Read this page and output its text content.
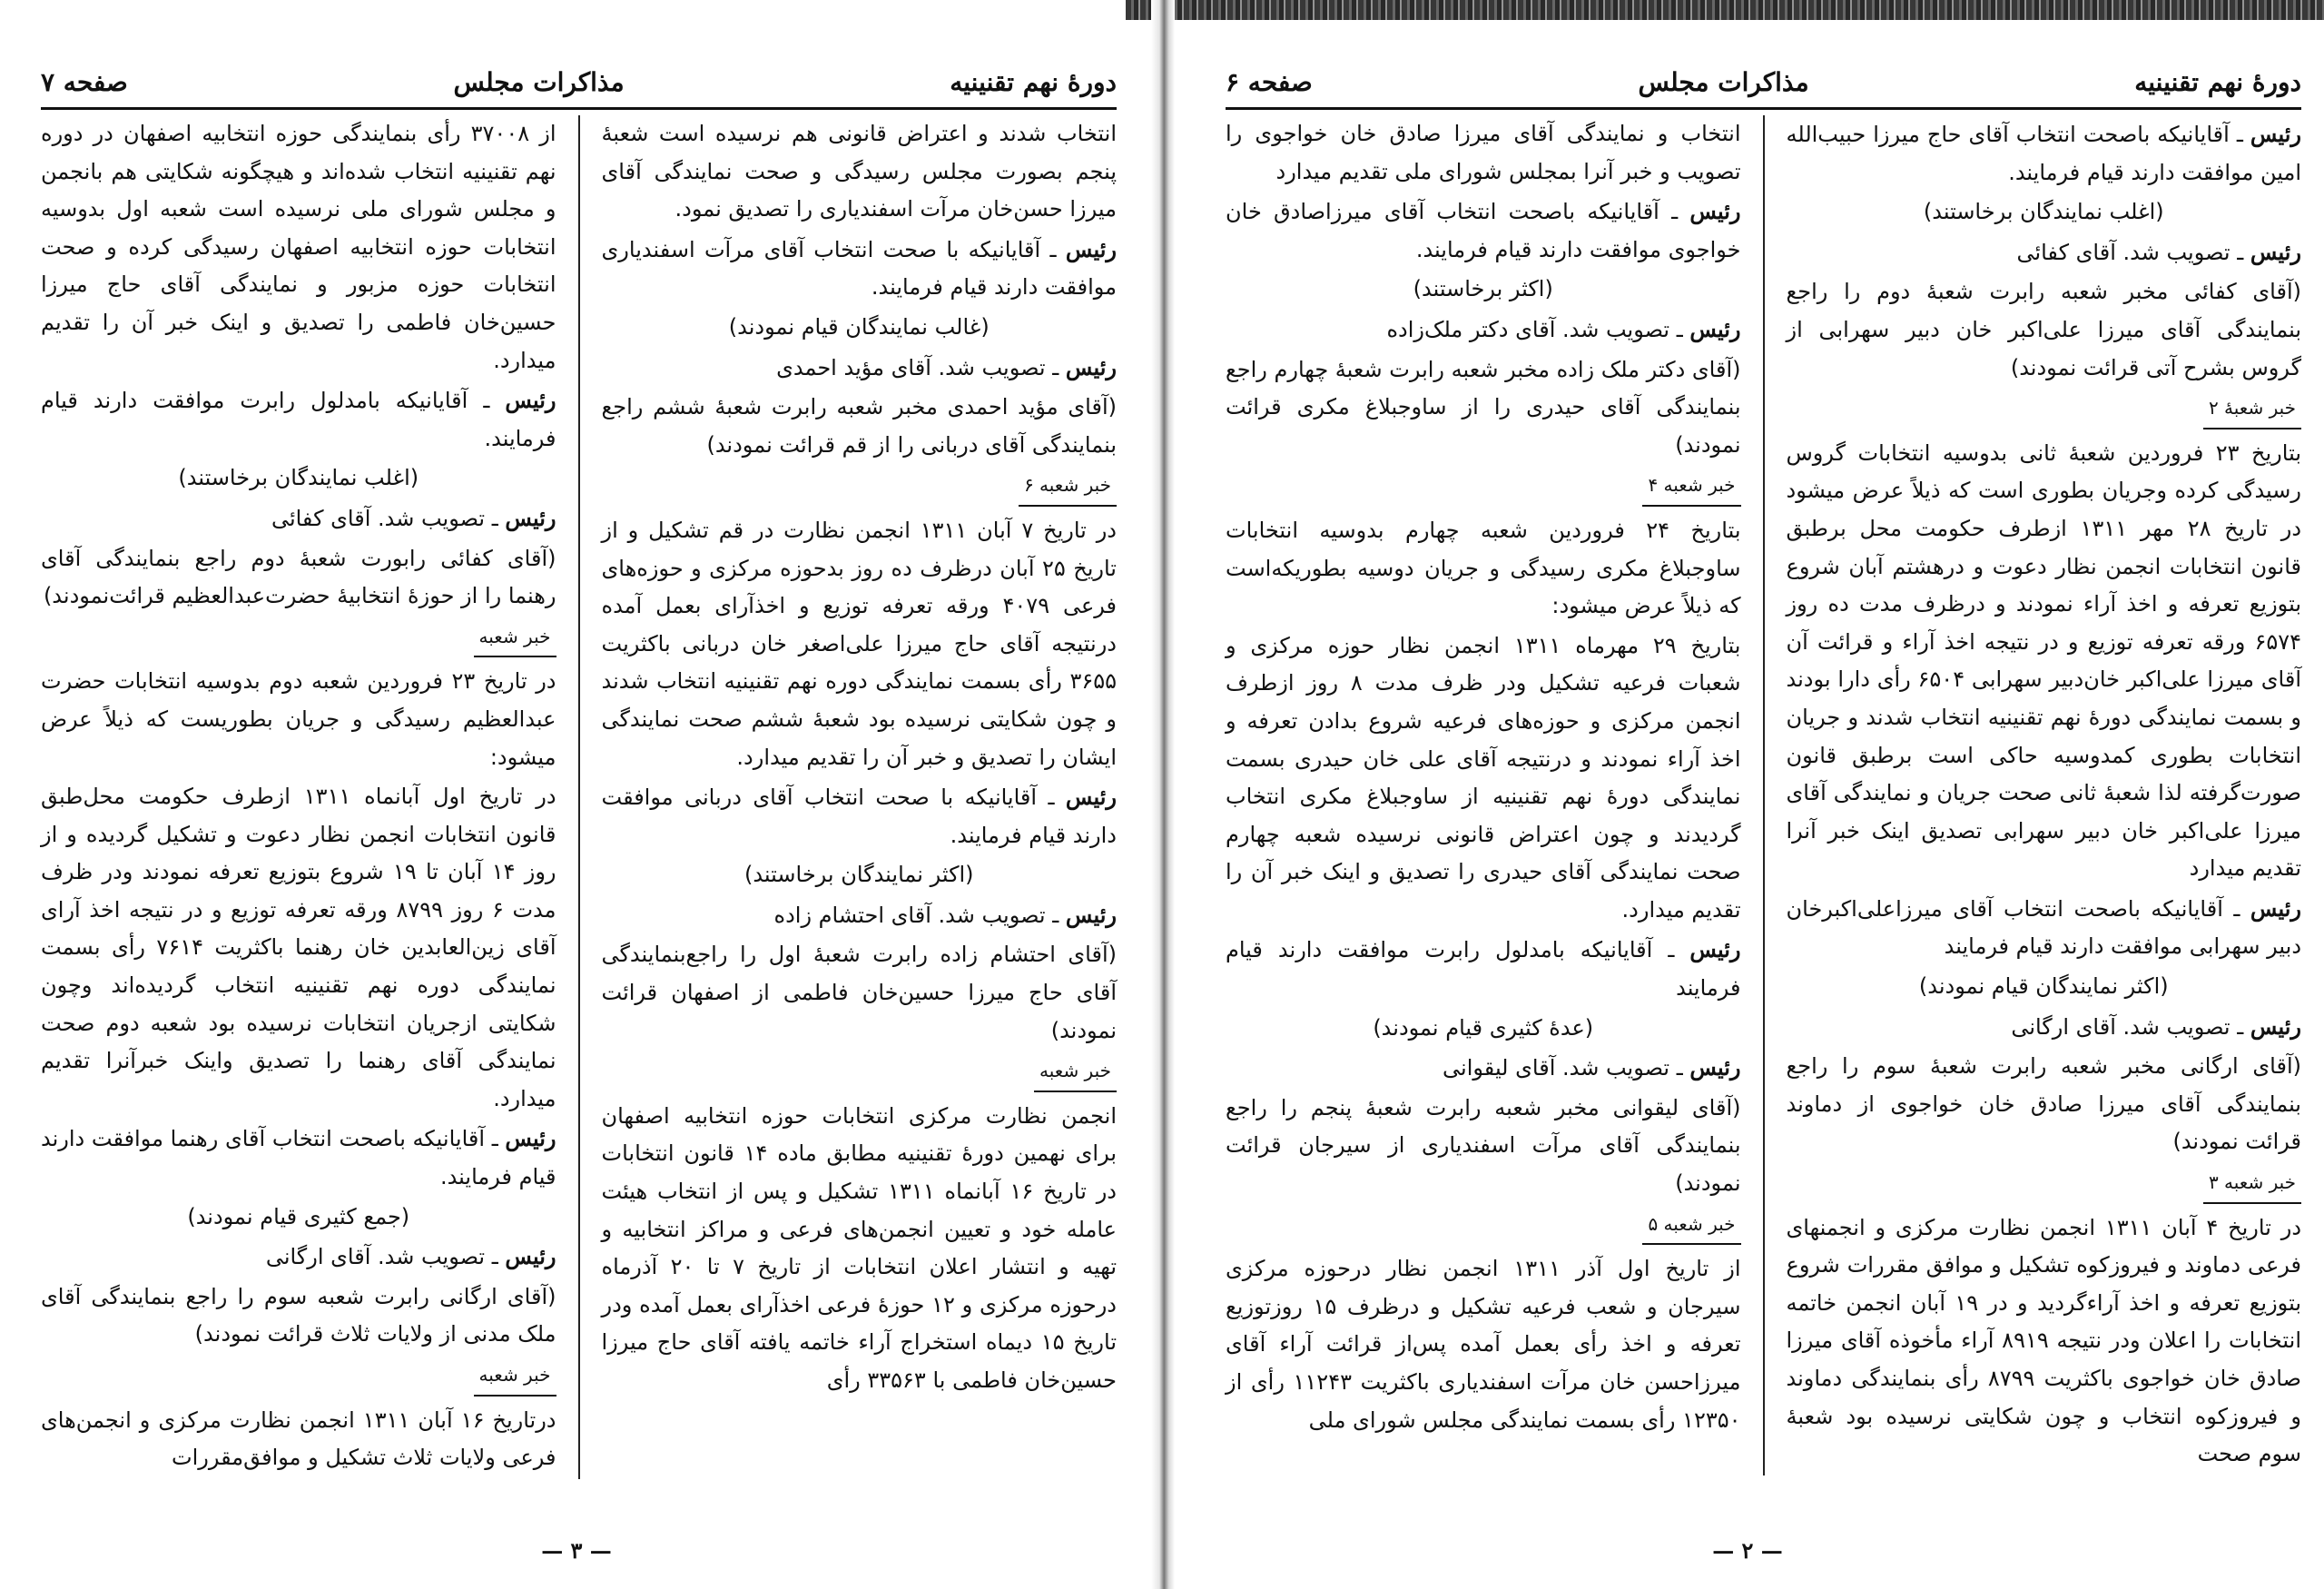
دورهٔ نهم تقنینیه
مذاکرات مجلس
صفحه ۷

انتخاب شدند و اعتراض قانونی هم نرسیده است شعبهٔ پنجم بصورت مجلس رسیدگی و صحت نمایندگی آقای میرزا حسن‌خان مرآت اسفندیاری را تصدیق نمود.

رئیس ـ آقایانیکه با صحت انتخاب آقای مرآت اسفندیاری موافقت دارند قیام فرمایند.

(غالب نمایندگان قیام نمودند)

رئیس ـ تصویب شد. آقای مؤید احمدی

(آقای مؤید احمدی مخبر شعبه رابرت شعبهٔ ششم راجع بنمایندگی آقای دربانی را از قم قرائت نمودند)

خبر شعبه ۶

در تاریخ ۷ آبان ۱۳۱۱ انجمن نظارت در قم تشکیل و از تاریخ ۲۵ آبان درظرف ده روز بدحوزه مرکزی و حوزه‌های فرعی ۴۰۷۹ ورقه تعرفه توزیع و اخذآرای بعمل آمده درنتیجه آقای حاج میرزا علی‌اصغر خان دربانی باکثریت ۳۶۵۵ رأی بسمت نمایندگی دوره نهم تقنینیه انتخاب شدند و چون شکایتی نرسیده بود شعبهٔ ششم صحت نمایندگی ایشان را تصدیق و خبر آن را تقدیم میدارد.

رئیس ـ آقایانیکه با صحت انتخاب آقای دربانی موافقت دارند قیام فرمایند.

(اکثر نمایندگان برخاستند)

رئیس ـ تصویب شد. آقای احتشام زاده

(آقای احتشام زاده رابرت شعبهٔ اول را راجع‌بنمایندگی آقای حاج میرزا حسین‌خان فاطمی از اصفهان قرائت نمودند)

خبر شعبه

انجمن نظارت مرکزی انتخابات حوزه انتخابیه اصفهان برای نهمین دورهٔ تقنینیه مطابق ماده ۱۴ قانون انتخابات در تاریخ ۱۶ آبانماه ۱۳۱۱ تشکیل و پس از انتخاب هیئت عامله خود و تعیین انجمن‌های فرعی و مراکز انتخابیه و تهیه و انتشار اعلان انتخابات از تاریخ ۷ تا ۲۰ آذرماه درحوزه مرکزی و ۱۲ حوزهٔ فرعی اخذآرای بعمل آمده ودر تاریخ ۱۵ دیماه استخراج آراء خاتمه یافته آقای حاج میرزا حسین‌خان فاطمی با ۳۳۵۶۳ رأی

از ۳۷۰۰۸ رأی بنمایندگی حوزه انتخابیه اصفهان در دوره نهم تقنینیه انتخاب شده‌اند و هیچگونه شکایتی هم بانجمن و مجلس شورای ملی نرسیده است شعبه اول بدوسیه انتخابات حوزه انتخابیه اصفهان رسیدگی کرده و صحت انتخابات حوزه مزبور و نمایندگی آقای حاج میرزا حسین‌خان فاطمی را تصدیق و اینک خبر آن را تقدیم میدارد.

رئیس ـ آقایانیکه بامدلول رابرت موافقت دارند قیام فرمایند.

(اغلب نمایندگان برخاستند)

رئیس ـ تصویب شد. آقای کفائی

(آقای کفائی رابورت شعبهٔ دوم راجع بنمایندگی آقای رهنما را از حوزهٔ انتخابیهٔ حضرت‌عبدالعظیم قرائت‌نمودند)

خبر شعبه

در تاریخ ۲۳ فروردین شعبه دوم بدوسیه انتخابات حضرت عبدالعظیم رسیدگی و جریان بطوریست که ذیلاً عرض میشود:

در تاریخ اول آبانماه ۱۳۱۱ ازطرف حکومت محل‌طبق قانون انتخابات انجمن نظار دعوت و تشکیل گردیده و از روز ۱۴ آبان تا ۱۹ شروع بتوزیع تعرفه نمودند ودر ظرف مدت ۶ روز ۸۷۹۹ ورقه تعرفه توزیع و در نتیجه اخذ آرای آقای زین‌العابدین خان رهنما باکثریت ۷۶۱۴ رأی بسمت نمایندگی دوره نهم تقنینیه انتخاب گردیده‌اند وچون شکایتی ازجریان انتخابات نرسیده بود شعبه دوم صحت نمایندگی آقای رهنما را تصدیق واینک خبرآنرا تقدیم میدارد.

رئیس ـ آقایانیکه باصحت انتخاب آقای رهنما موافقت دارند قیام فرمایند.

(جمع کثیری قیام نمودند)

رئیس ـ تصویب شد. آقای ارگانی

(آقای ارگانی رابرت شعبه سوم را راجع بنمایندگی آقای ملک مدنی از ولایات ثلاث قرائت نمودند)

خبر شعبه

درتاریخ ۱۶ آبان ۱۳۱۱ انجمن نظارت مرکزی و انجمن‌های فرعی ولایات ثلاث تشکیل و موافق‌مقررات

— ۳ —
دورهٔ نهم تقنینیه
مذاکرات مجلس
صفحه ۶

رئیس ـ آقایانیکه باصحت انتخاب آقای حاج میرزا حبیب‌الله امین موافقت دارند قیام فرمایند.

(اغلب نمایندگان برخاستند)

رئیس ـ تصویب شد. آقای کفائی

(آقای کفائی مخبر شعبه رابرت شعبهٔ دوم را راجع بنمایندگی آقای میرزا علی‌اکبر خان دبیر سهرابی از گروس بشرح آتی قرائت نمودند)

خبر شعبهٔ ۲

بتاریخ ۲۳ فروردین شعبهٔ ثانی بدوسیه انتخابات گروس رسیدگی کرده وجریان بطوری است که ذیلاً عرض میشود در تاریخ ۲۸ مهر ۱۳۱۱ ازطرف حکومت محل برطبق قانون انتخابات انجمن نظار دعوت و درهشتم آبان شروع بتوزیع تعرفه و اخذ آراء نمودند و درظرف مدت ده روز ۶۵۷۴ ورقه تعرفه توزیع و در نتیجه اخذ آراء و قرائت آن آقای میرزا علی‌اکبر خان‌دبیر سهرابی ۶۵۰۴ رأی دارا بودند و بسمت نمایندگی دورهٔ نهم تقنینیه انتخاب شدند و جریان انتخابات بطوری کمدوسیه حاکی است برطبق قانون صورت‌گرفته لذا شعبهٔ ثانی صحت جریان و نمایندگی آقای میرزا علی‌اکبر خان دبیر سهرابی تصدیق اینک خبر آنرا تقدیم میدارد

رئیس ـ آقایانیکه باصحت انتخاب آقای میرزاعلی‌اکبرخان دبیر سهرابی موافقت دارند قیام فرمایند

(اکثر نمایندگان قیام نمودند)

رئیس ـ تصویب شد. آقای ارگانی

(آقای ارگانی مخبر شعبه رابرت شعبهٔ سوم را راجع بنمایندگی آقای میرزا صادق خان خواجوی از دماوند قرائت نمودند)

خبر شعبه ۳

در تاریخ ۴ آبان ۱۳۱۱ انجمن نظارت مرکزی و انجمنهای فرعی دماوند و فیروزکوه تشکیل و موافق مقررات شروع بتوزیع تعرفه و اخذ آراءگردید و در ۱۹ آبان انجمن خاتمه انتخابات را اعلان ودر نتیجه ۸۹۱۹ آراء مأخوذه آقای میرزا صادق خان خواجوی باکثریت ۸۷۹۹ رأی بنمایندگی دماوند و فیروزکوه انتخاب و چون شکایتی نرسیده بود شعبهٔ سوم صحت

انتخاب و نمایندگی آقای میرزا صادق خان خواجوی را تصویب و خبر آنرا بمجلس شورای ملی تقدیم میدارد

رئیس ـ آقایانیکه باصحت انتخاب آقای میرزاصادق خان خواجوی موافقت دارند قیام فرمایند.

(اکثر برخاستند)

رئیس ـ تصویب شد. آقای دکتر ملک‌زاده

(آقای دکتر ملک زاده مخبر شعبه رابرت شعبهٔ چهارم راجع بنمایندگی آقای حیدری را از ساوجبلاغ مکری قرائت نمودند)

خبر شعبه ۴

بتاریخ ۲۴ فروردین شعبه چهارم بدوسیه انتخابات ساوجبلاغ مکری رسیدگی و جریان دوسیه بطوریکه‌است که ذیلاً عرض میشود:

بتاریخ ۲۹ مهرماه ۱۳۱۱ انجمن نظار حوزه مرکزی و شعبات فرعیه تشکیل ودر ظرف مدت ۸ روز ازطرف انجمن مرکزی و حوزه‌های فرعیه شروع بدادن تعرفه و اخذ آراء نمودند و درنتیجه آقای علی خان حیدری بسمت نمایندگی دورهٔ نهم تقنینیه از ساوجبلاغ مکری انتخاب گردیدند و چون اعتراض قانونی نرسیده شعبه چهارم صحت نمایندگی آقای حیدری را تصدیق و اینک خبر آن را تقدیم میدارد.

رئیس ـ آقایانیکه بامدلول رابرت موافقت دارند قیام فرمایند

(عدهٔ کثیری قیام نمودند)

رئیس ـ تصویب شد. آقای لیقوانی

(آقای لیقوانی مخبر شعبه رابرت شعبهٔ پنجم را راجع بنمایندگی آقای مرآت اسفندیاری از سیرجان قرائت نمودند)

خبر شعبه ۵

از تاریخ اول آذر ۱۳۱۱ انجمن نظار درحوزه مرکزی سیرجان و شعب فرعیه تشکیل و درظرف ۱۵ روزتوزیع تعرفه و اخذ رأی بعمل آمده پس‌از قرائت آراء آقای میرزاحسن خان مرآت اسفندیاری باکثریت ۱۱۲۴۳ رأی از ۱۲۳۵۰ رأی بسمت نمایندگی مجلس شورای ملی

— ۲ —
